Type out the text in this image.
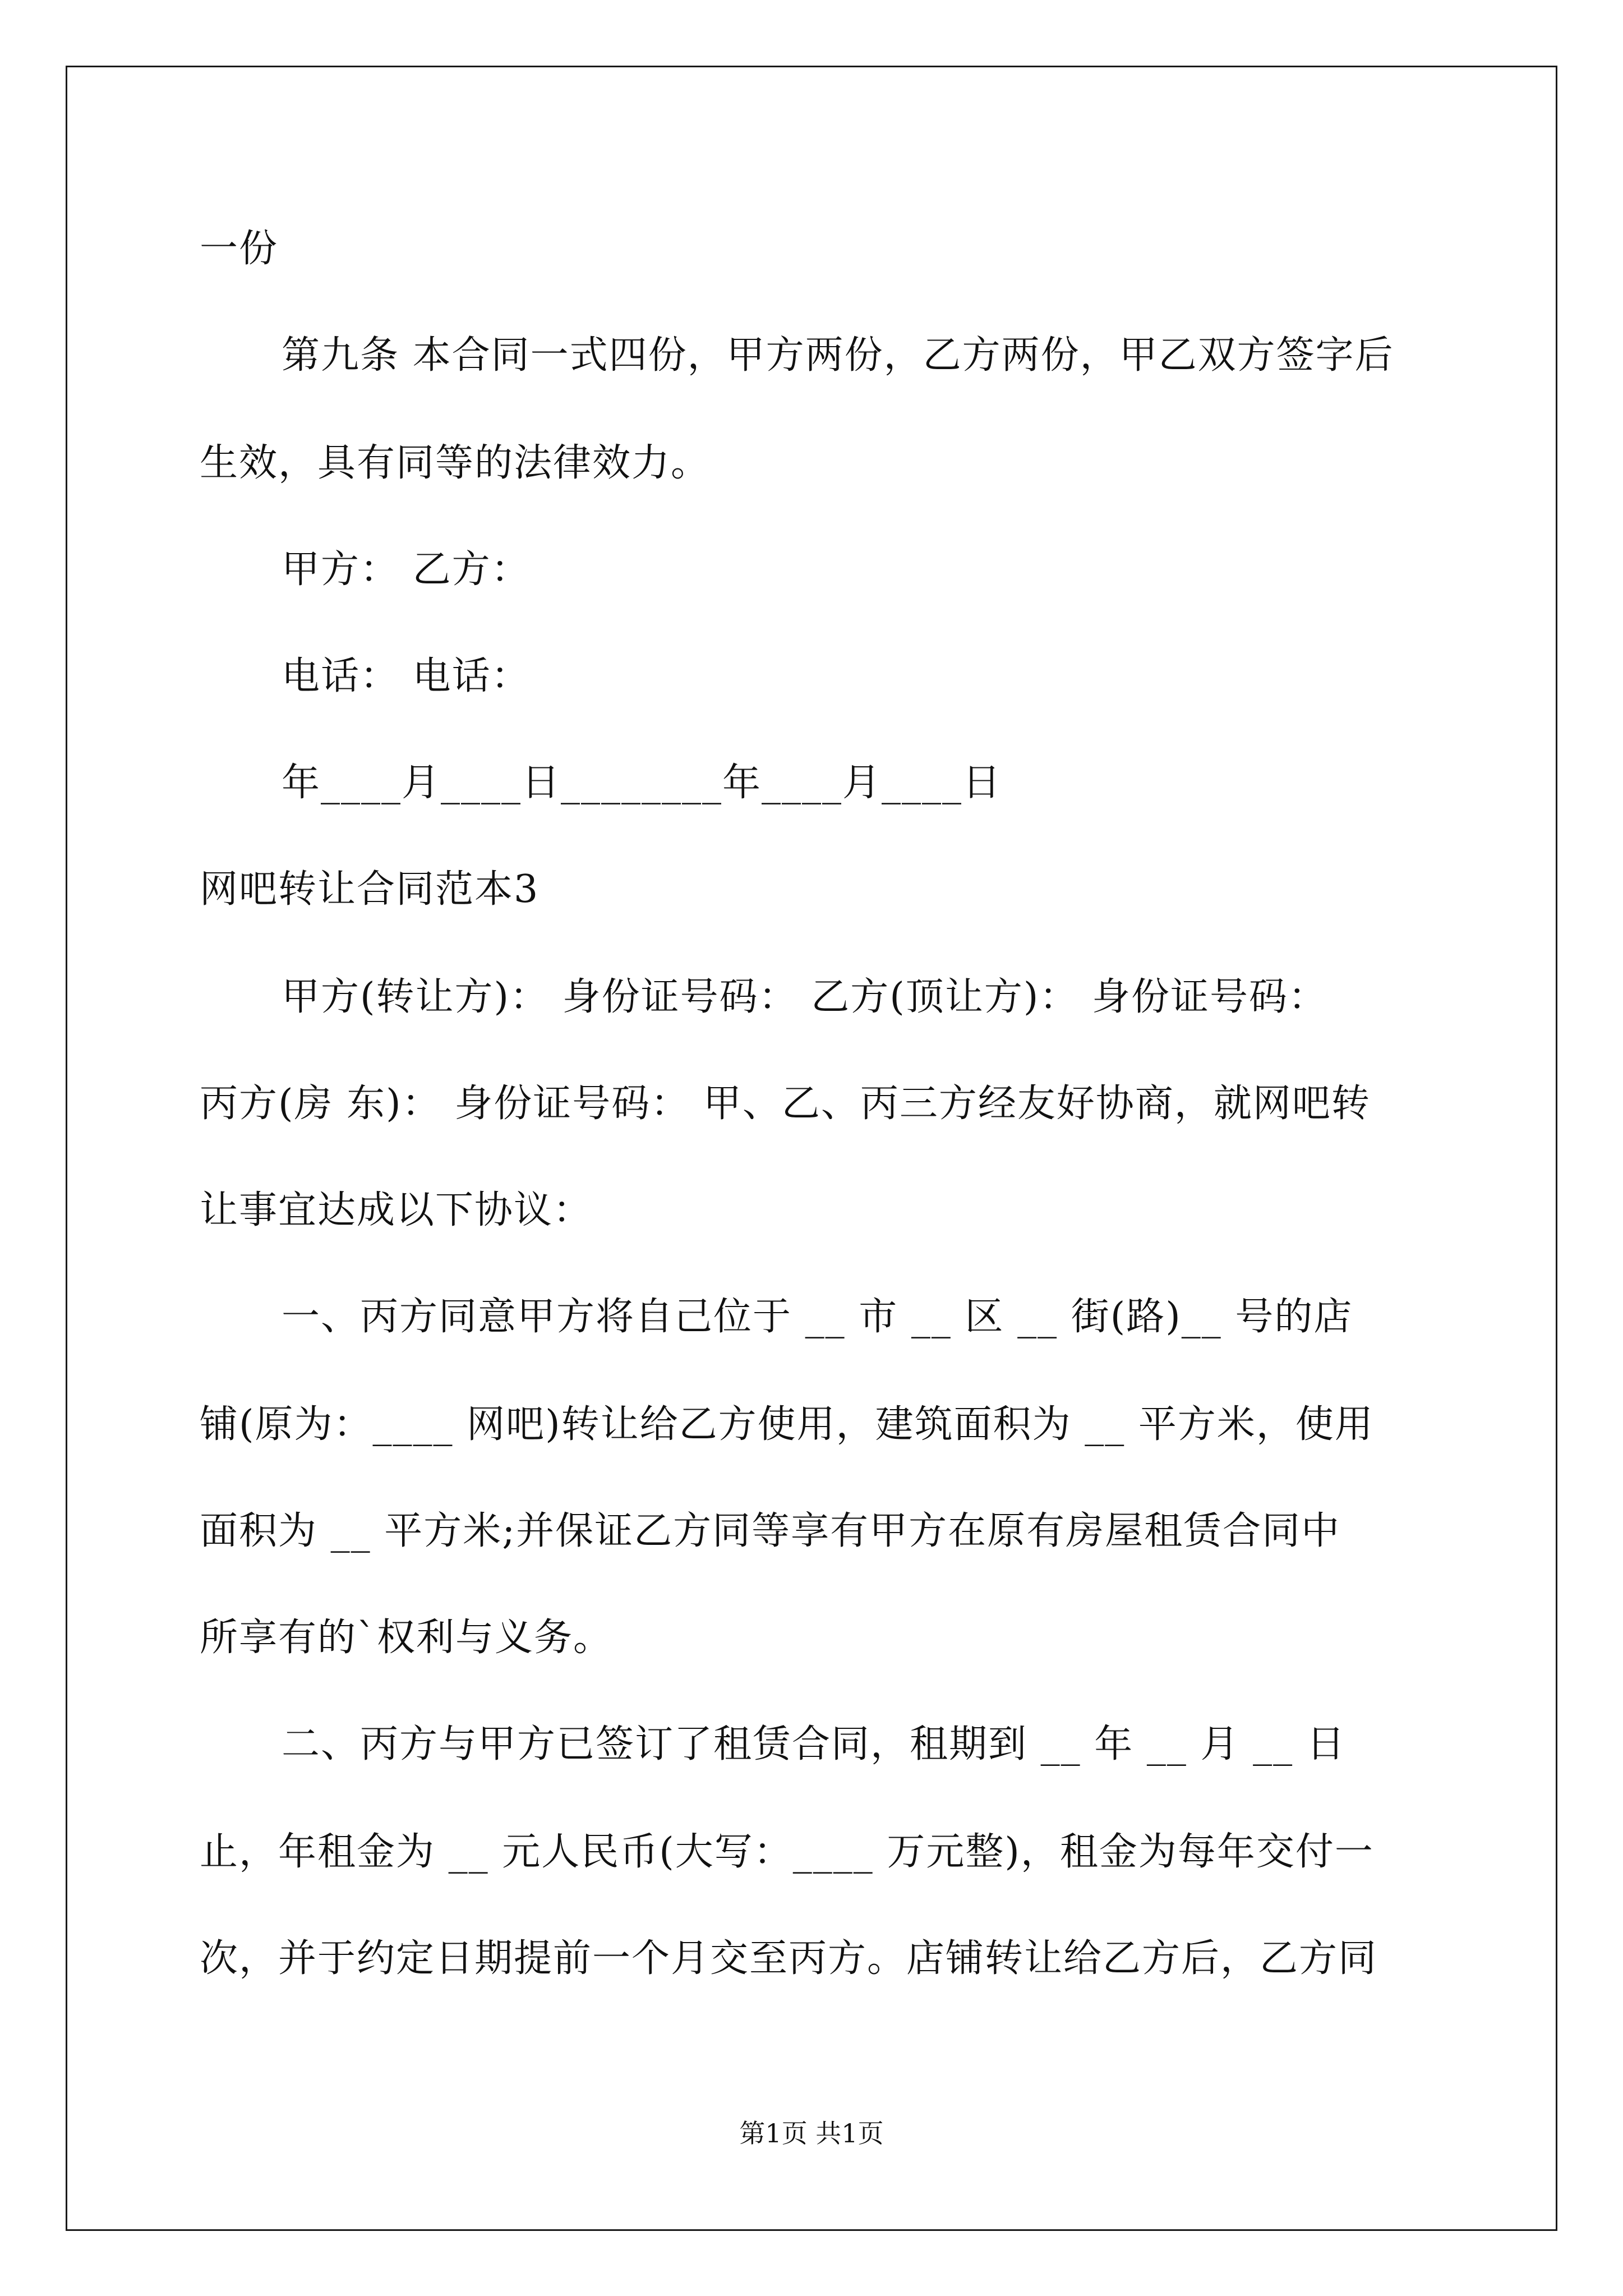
一份
第九条 本合同一式四份，甲方两份，乙方两份，甲乙双方签字后
生效，具有同等的法律效力。
甲方： 乙方：
电话： 电话：
年____月____日________年____月____日
网吧转让合同范本3
甲方(转让方)： 身份证号码： 乙方(顶让方)： 身份证号码：
丙方(房 东)： 身份证号码： 甲、乙、丙三方经友好协商，就网吧转
让事宜达成以下协议：
一、丙方同意甲方将自己位于 __ 市 __ 区 __ 街(路)__ 号的店
铺(原为：____ 网吧)转让给乙方使用，建筑面积为 __ 平方米，使用
面积为 __ 平方米;并保证乙方同等享有甲方在原有房屋租赁合同中
所享有的`权利与义务。
二、丙方与甲方已签订了租赁合同，租期到 __ 年 __ 月 __ 日
止，年租金为 __ 元人民币(大写：____ 万元整)，租金为每年交付一
次，并于约定日期提前一个月交至丙方。店铺转让给乙方后，乙方同
第1页 共1页
